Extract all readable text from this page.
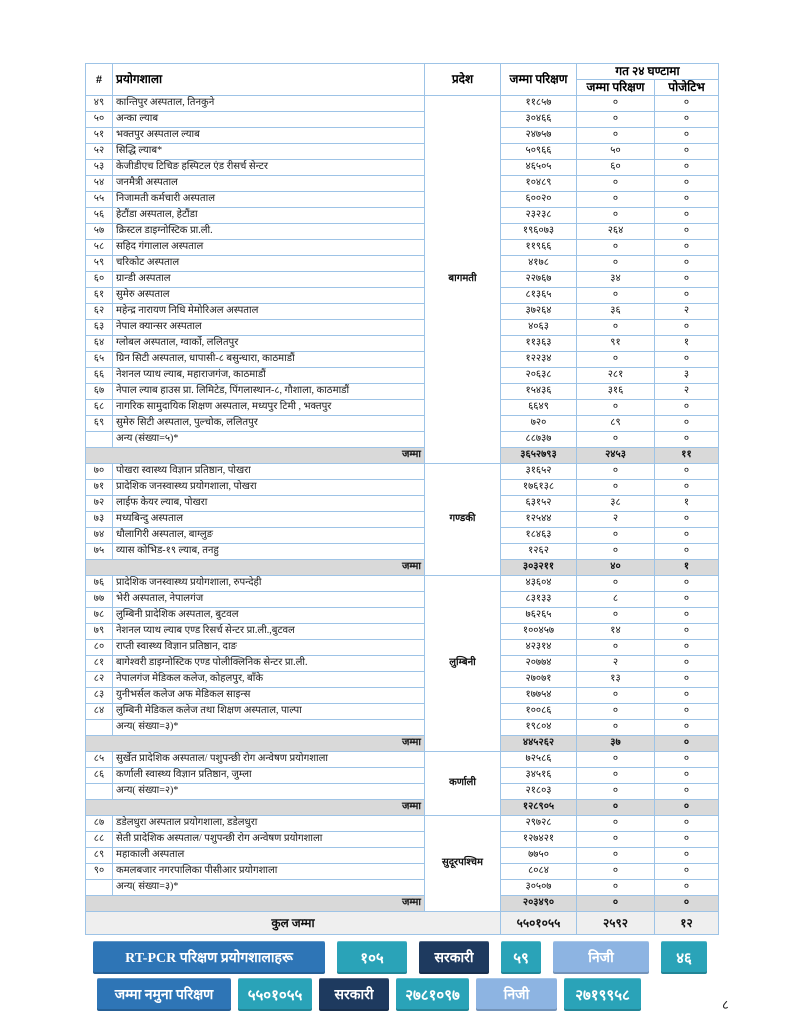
#	प्रयोगशाला	प्रदेश	जम्मा परिक्षण	गत २४ घण्टामा	
				जम्मा परिक्षण	पोजेटिभ
४९	कान्तिपुर अस्पताल, तिनकुने	बागमती	११८५७	०	०
५०	अन्का ल्याब		३०४६६	०	०
५१	भक्तपुर अस्पताल ल्याब		२४७५७	०	०
५२	सिद्धि ल्याब*		५०९६६	५०	०
५३	केजीडीएच टिचिङ हस्पिटल एंड रीसर्च सेन्टर		४६५०५	६०	०
५४	जनमैत्री अस्पताल		१०४८९	०	०
५५	निजामती कर्मचारी अस्पताल		६००२०	०	०
५६	हेटौंडा अस्पताल, हेटौंडा		२३२३८	०	०
५७	क्रिस्टल डाइग्नोस्टिक प्रा.ली.		१९६०७३	२६४	०
५८	सहिद गंगालाल अस्पताल		११९६६	०	०
५९	चरिकोट अस्पताल		४१७८	०	०
६०	ग्रान्डी अस्पताल		२२७६७	३४	०
६१	सुमेरु अस्पताल		८१३६५	०	०
६२	महेन्द्र नारायण निधि मेमोरिअल अस्पताल		३७२६४	३६	२
६३	नेपाल क्यान्सर अस्पताल		४०६३	०	०
६४	ग्लोबल अस्पताल, ग्वार्को, ललितपुर		११३६३	९१	१
६५	ग्रिन सिटी अस्पताल, धापासी-८ बसुन्धारा, काठमाडौं		१२२३४	०	०
६६	नेशनल प्याथ ल्याब, महाराजगंज, काठमाडौं		२०६३८	२८१	३
६७	नेपाल ल्याब हाउस प्रा. लिमिटेड, पिंगलास्थान-८, गौशाला, काठमाडौं		१५४३६	३१६	२
६८	नागरिक सामुदायिक शिक्षण अस्पताल, मध्यपुर टिमी , भक्तपुर		६६४९	०	०
६९	सुमेरु सिटी अस्पताल, पुल्चोक, ललितपुर		७२०	८९	०
	अन्य (संख्या=५)*		८८७३७	०	०
जम्मा			३६५२७९३	२४५३	११
७०	पोखरा स्वास्थ्य विज्ञान प्रतिष्ठान, पोखरा	गण्डकी	३१६५२	०	०
७१	प्रादेशिक जनस्वास्थ्य प्रयोगशाला, पोखरा		१७६१३८	०	०
७२	लाईफ केयर ल्याब, पोखरा		६३१५२	३८	१
७३	मध्यबिन्दु अस्पताल		१२५४४	२	०
७४	धौलागिरी अस्पताल, बाग्लुङ		१८४६३	०	०
७५	व्यास कोभिड-१९ ल्याब, तनहु		१२६२	०	०
जम्मा			३०३२११	४०	१
७६	प्रादेशिक जनस्वास्थ्य प्रयोगशाला, रुपन्देही	लुम्बिनी	४३६०४	०	०
७७	भेरी अस्पताल, नेपालगंज		८३१३३	८	०
७८	लुम्बिनी प्रादेशिक अस्पताल, बुटवल		७६२६५	०	०
७९	नेशनल प्याथ ल्याब एण्ड रिसर्च सेन्टर प्रा.ली.,बुटवल		१००४५७	१४	०
८०	राप्ती स्वास्थ्य विज्ञान प्रतिष्ठान, दाङ		४२३१४	०	०
८१	बागेश्वरी डाइग्नोस्टिक एण्ड पोलीक्लिनिक सेन्टर प्रा.ली.		२०७७४	२	०
८२	नेपालगंज मेडिकल कलेज, कोहलपुर, बाँके		२७०७१	१३	०
८३	युनीभर्सल कलेज अफ मेडिकल साइन्स		१७७५४	०	०
८४	लुम्बिनी मेडिकल कलेज तथा शिक्षण अस्पताल, पाल्पा		१००८६	०	०
	अन्य( संख्या=३)*		१९८०४	०	०
जम्मा			४४५२६२	३७	०
८५	सुर्खेत प्रादेशिक अस्पताल/ पशुपन्छी रोग अन्वेषण प्रयोगशाला	कर्णाली	७२५८६	०	०
८६	कर्णाली स्वास्थ्य विज्ञान प्रतिष्ठान, जुम्ला		३४५१६	०	०
	अन्य( संख्या=२)*		२१८०३	०	०
जम्मा			१२८९०५	०	०
८७	डडेलधुरा अस्पताल प्रयोगशाला, डडेलधुरा	सुदूरपश्चिम	२९७२८	०	०
८८	सेती प्रादेशिक अस्पताल/ पशुपन्छी रोग अन्वेषण प्रयोगशाला		१२७४२१	०	०
८९	महाकाली अस्पताल		७७५०	०	०
९०	कमलबजार नगरपालिका पीसीआर प्रयोगशाला		८०८४	०	०
	अन्य( संख्या=३)*		३०५०७	०	०
जम्मा			२०३४९०	०	०
कुल जम्मा			५५०१०५५	२५९२	१२
RT-PCR परिक्षण प्रयोगशालाहरू	१०५	सरकारी	५९	निजी	४६
जम्मा नमुना परिक्षण	५५०१०५५	सरकारी	२७८१०९७	निजी	२७१९९५८
८
